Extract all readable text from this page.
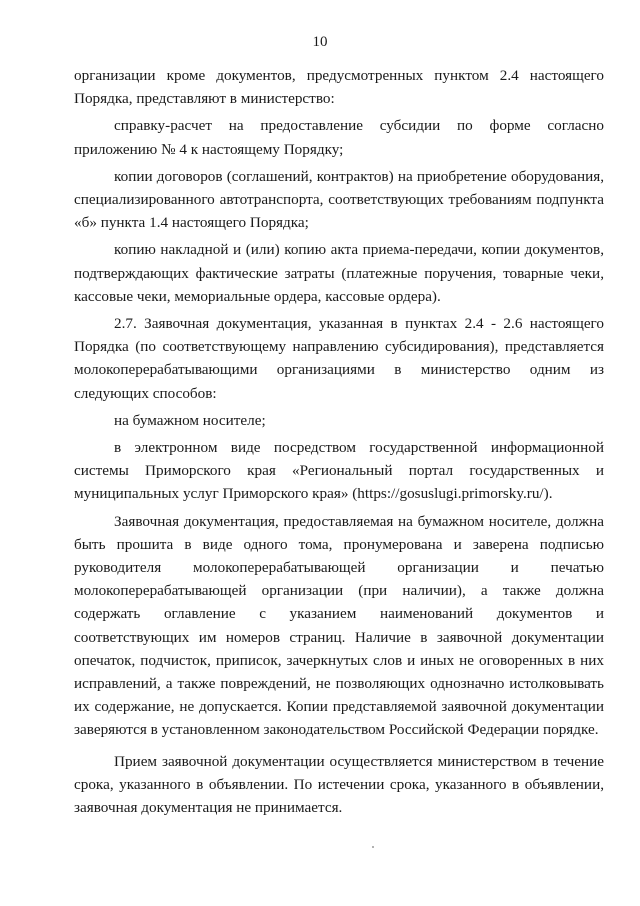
10

организации кроме документов, предусмотренных пунктом 2.4 настоящего Порядка, представляют в министерство:

справку-расчет на предоставление субсидии по форме согласно приложению № 4 к настоящему Порядку;

копии договоров (соглашений, контрактов) на приобретение оборудования, специализированного автотранспорта, соответствующих требованиям подпункта «б» пункта 1.4 настоящего Порядка;

копию накладной и (или) копию акта приема-передачи, копии документов, подтверждающих фактические затраты (платежные поручения, товарные чеки, кассовые чеки, мемориальные ордера, кассовые ордера).

2.7. Заявочная документация, указанная в пунктах 2.4 - 2.6 настоящего Порядка (по соответствующему направлению субсидирования), представляется молокоперерабатывающими организациями в министерство одним из следующих способов:

на бумажном носителе;

в электронном виде посредством государственной информационной системы Приморского края «Региональный портал государственных и муниципальных услуг Приморского края» (https://gosuslugi.primorsky.ru/).

Заявочная документация, предоставляемая на бумажном носителе, должна быть прошита в виде одного тома, пронумерована и заверена подписью руководителя молокоперерабатывающей организации и печатью молокоперерабатывающей организации (при наличии), а также должна содержать оглавление с указанием наименований документов и соответствующих им номеров страниц. Наличие в заявочной документации опечаток, подчисток, приписок, зачеркнутых слов и иных не оговоренных в них исправлений, а также повреждений, не позволяющих однозначно истолковывать их содержание, не допускается. Копии представляемой заявочной документации заверяются в установленном законодательством Российской Федерации порядке.

Прием заявочной документации осуществляется министерством в течение срока, указанного в объявлении. По истечении срока, указанного в объявлении, заявочная документация не принимается.
